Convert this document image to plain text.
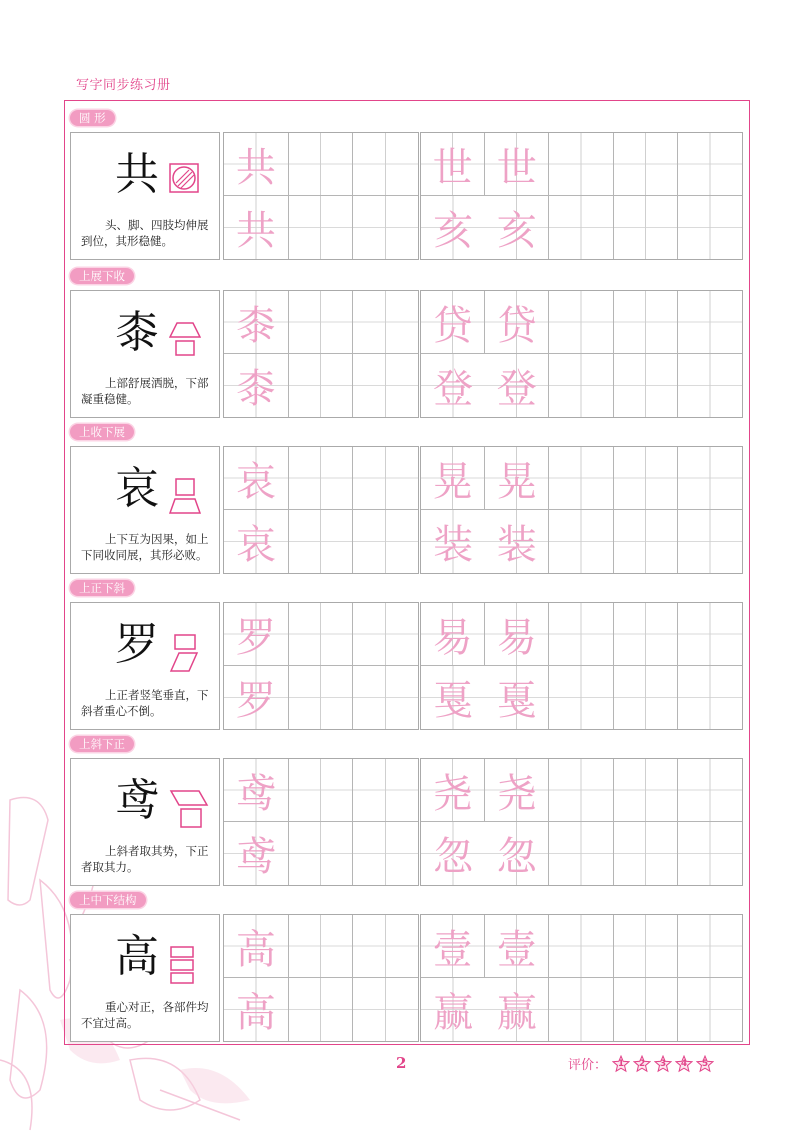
写字同步练习册
圆 形
共
头、脚、四肢均伸展到位，其形稳健。
共
共
世 世
亥 亥
上展下收
桼
上部舒展洒脱，下部凝重稳健。
桼
桼
贷 贷
登 登
上收下展
哀
上下互为因果，如上下同收同展，其形必败。
哀
哀
晃 晃
装 装
上正下斜
罗
上正者竖笔垂直，下斜者重心不倒。
罗
罗
易 易
戛 戛
上斜下正
鸢
上斜者取其势，下正者取其力。
鸢
鸢
尧 尧
忽 忽
上中下结构
高
重心对正，各部件均不宜过高。
高
高
壹 壹
赢 赢
2	评价： 1 2 3 4 5
